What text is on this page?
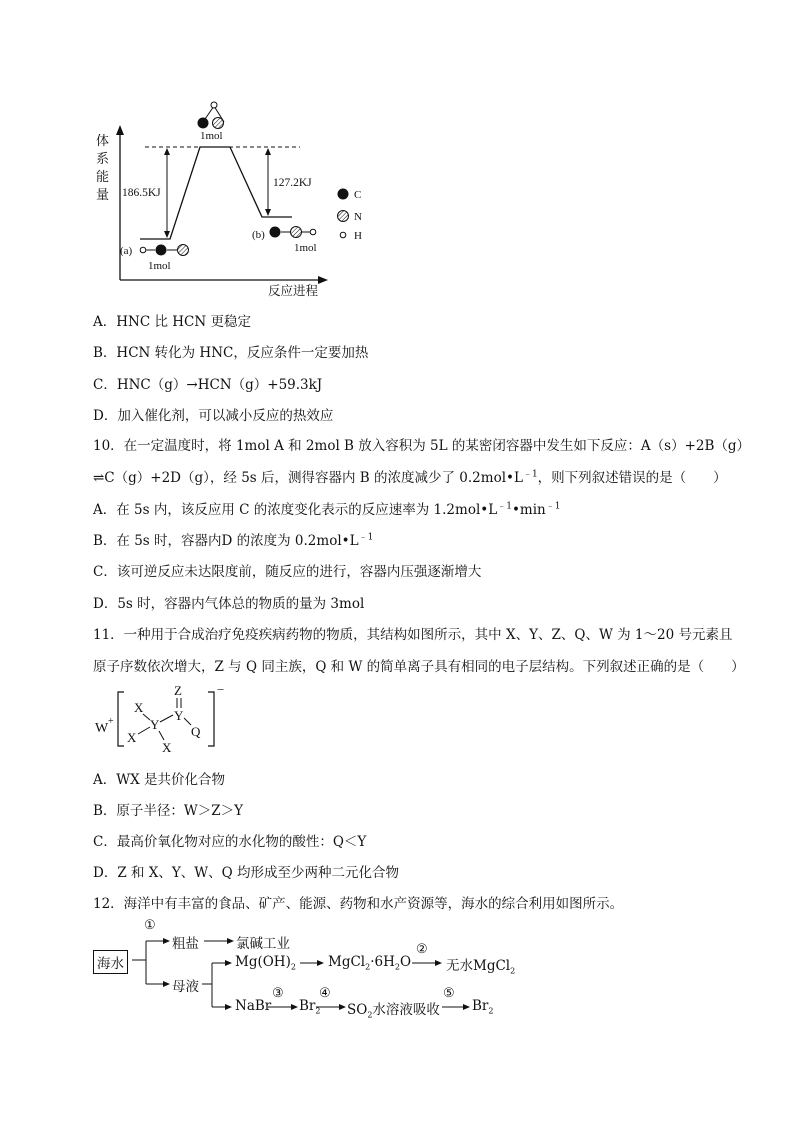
体
系
能
量
反应进程
186.5KJ
127.2KJ
1mol
(a)
1mol
(b)
1mol
C
N
H
A．HNC 比 HCN 更稳定
B．HCN 转化为 HNC，反应条件一定要加热
C．HNC（g）→HCN（g）+59.3kJ
D．加入催化剂，可以减小反应的热效应
10．在一定温度时，将 1mol A 和 2mol B 放入容积为 5L 的某密闭容器中发生如下反应：A（s）+2B（g）
⇌C（g）+2D（g），经 5s 后，测得容器内 B 的浓度减少了 $0.2mol•L^{﹣1}$，则下列叙述错误的是（　　）
A．在 5s 内，该反应用 C 的浓度变化表示的反应速率为 $1.2mol•L^{﹣1}•\min^{﹣1}$
B．在 5s 时，容器内D 的浓度为 $0.2mol•L^{﹣1}$
C．该可逆反应未达限度前，随反应的进行，容器内压强逐渐增大
D．5s 时，容器内气体总的物质的量为 3mol
11．一种用于合成治疗免疫疾病药物的物质，其结构如图所示，其中 X、Y、Z、Q、W 为 1～20 号元素且
原子序数依次增大，Z 与 Q 同主族，Q 和 W 的简单离子具有相同的电子层结构。下列叙述正确的是（　　）
W +
−
X
X
Y
X
Y
Z
Q
A．WX 是共价化合物
B．原子半径：W＞Z＞Y
C．最高价氧化物对应的水化物的酸性：Q＜Y
D．Z 和 X、Y、W、Q 均形成至少两种二元化合物
12．海洋中有丰富的食品、矿产、能源、药物和水产资源等，海水的综合利用如图所示。
海水
①
粗盐	氯碱工业
母液
$Mg(OH)_2$ $MgCl_2\cdot 6H_2O$
②
无水MgCl$_2$
NaBr
③
$Br_2$
④
$SO_2$水溶液吸收
⑤
$Br_2$
